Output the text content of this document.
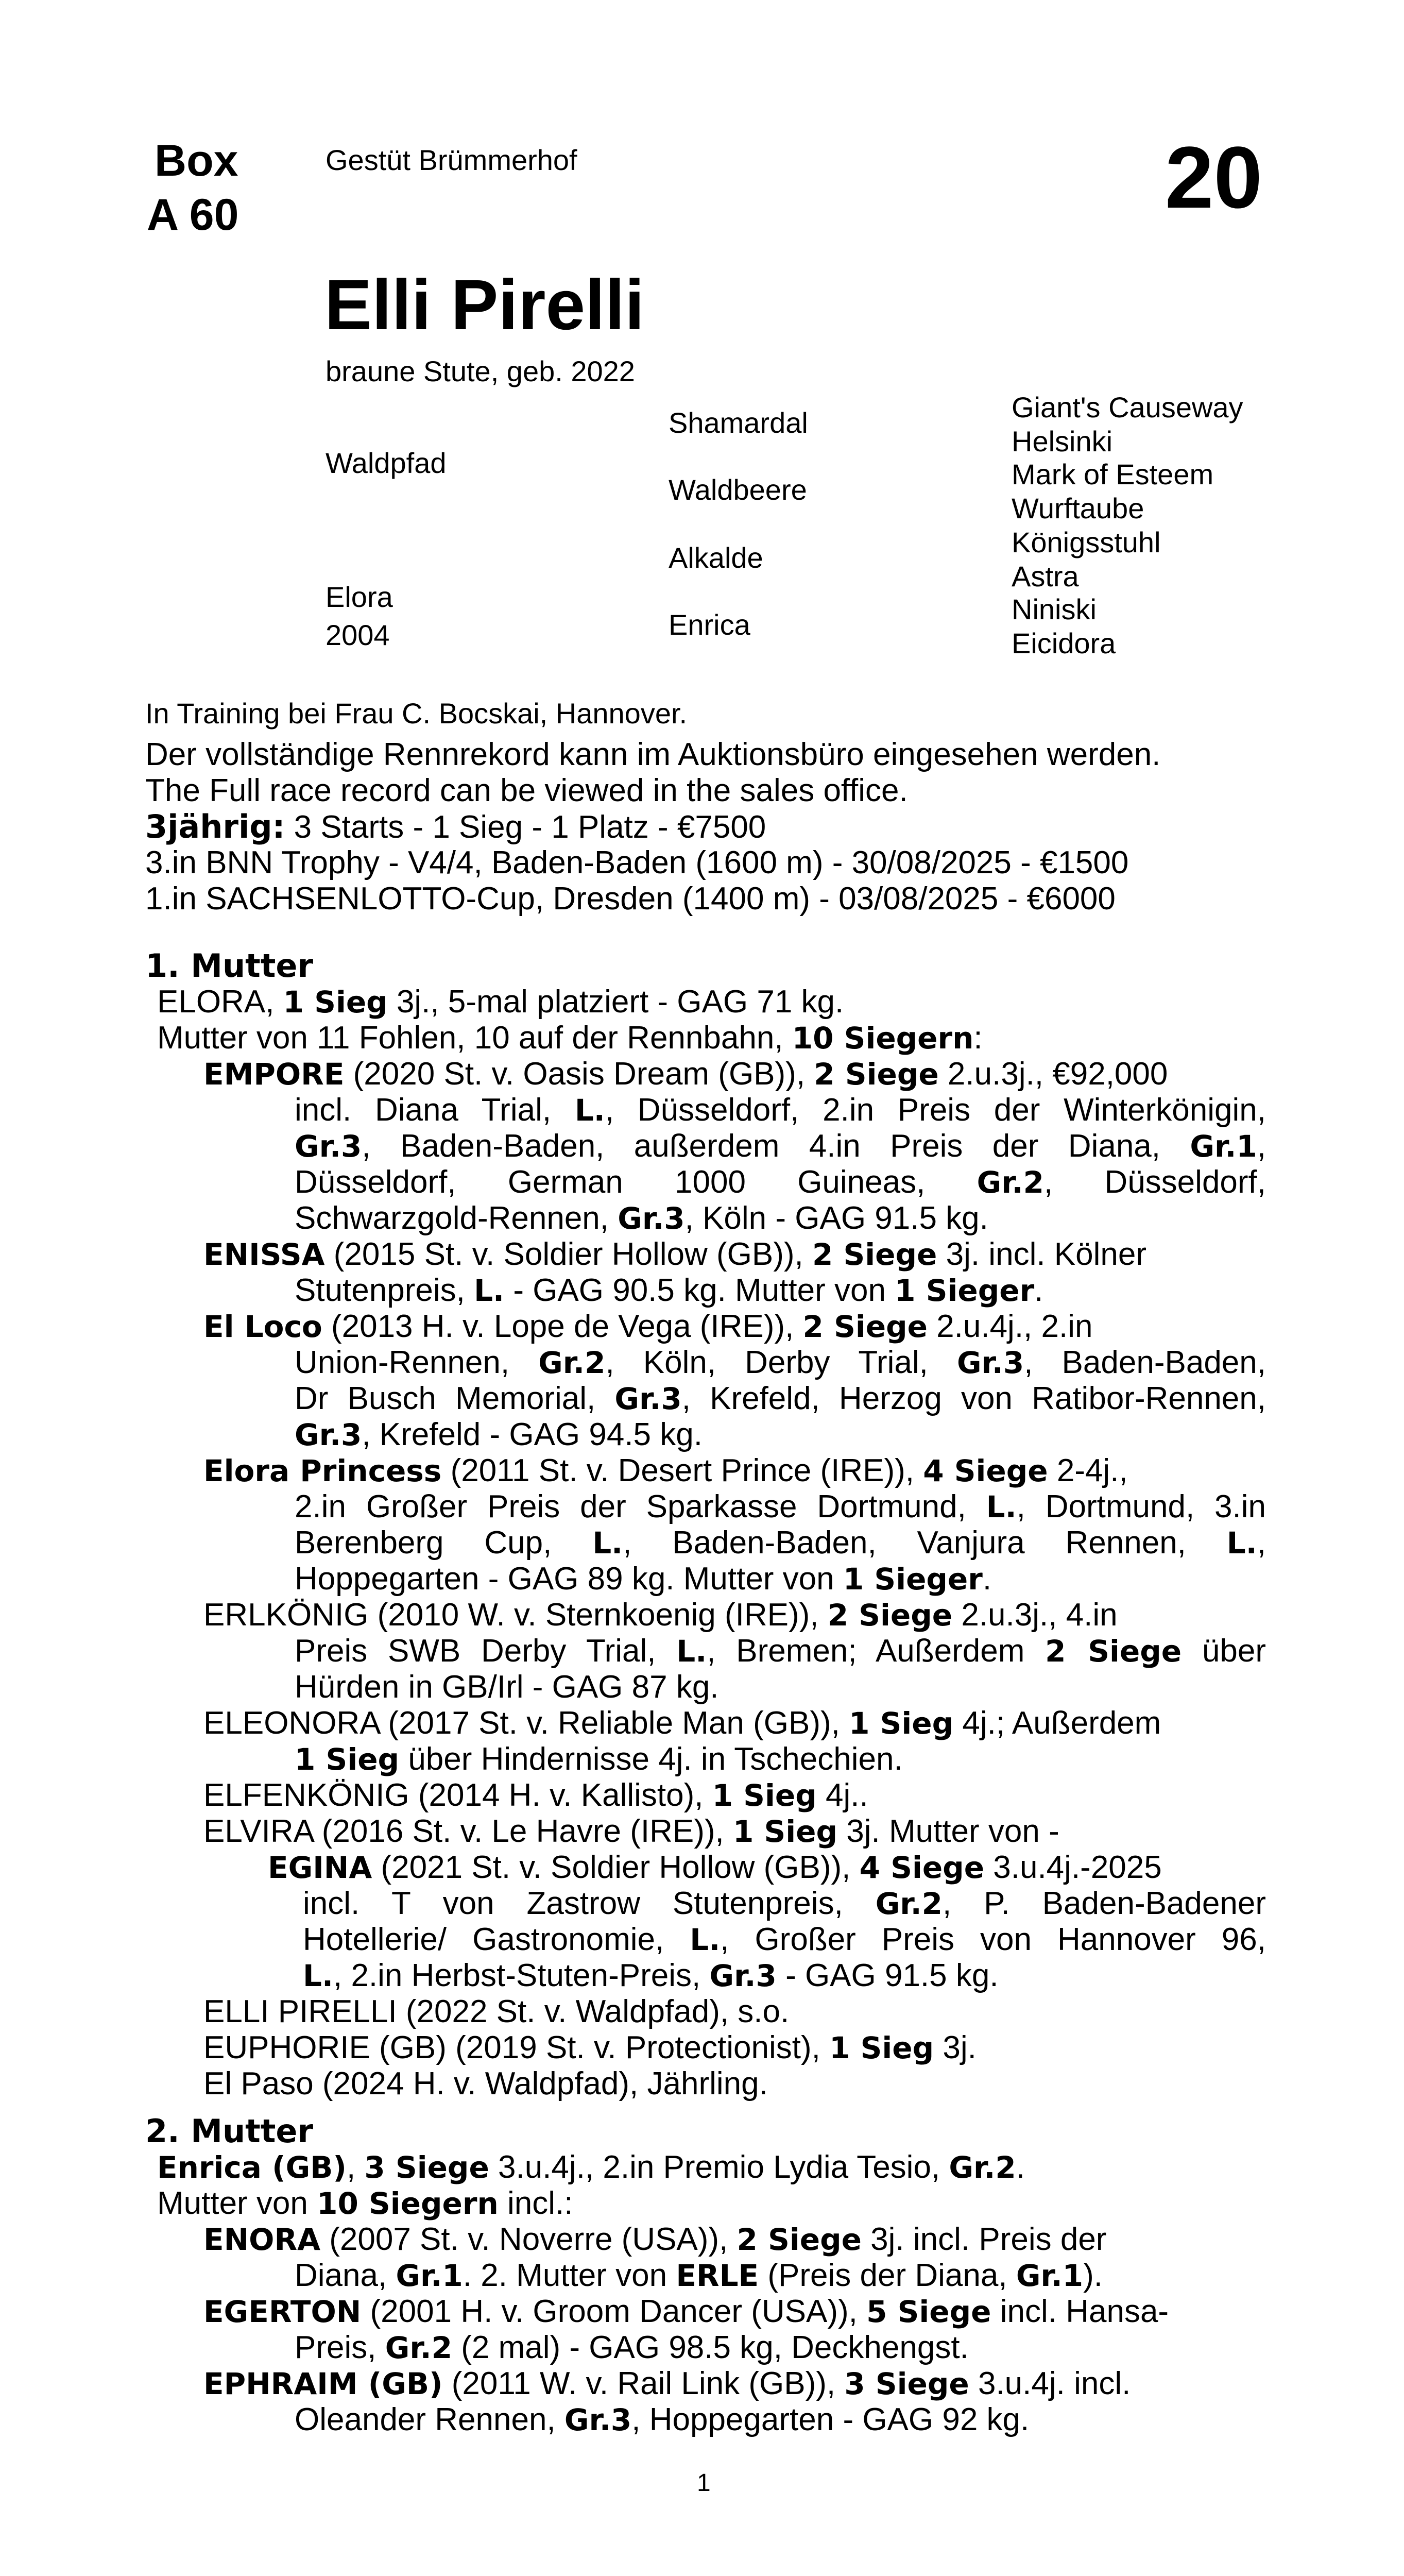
Box
A 60
Gestüt Brümmerhof	20
Elli Pirelli
braune Stute, geb. 2022
Waldpfad
Shamardal
Waldbeere
Elora
2004
Alkalde
Enrica
Giant's Causeway
Helsinki
Mark of Esteem
Wurftaube
Königsstuhl
Astra
Niniski
Eicidora
In Training bei Frau C. Bocskai, Hannover.
Der vollständige Rennrekord kann im Auktionsbüro eingesehen werden.
The Full race record can be viewed in the sales office.
3jährig: 3 Starts - 1 Sieg - 1 Platz - €7500
3.in BNN Trophy - V4/4, Baden-Baden (1600 m) - 30/08/2025 - €1500
1.in SACHSENLOTTO-Cup, Dresden (1400 m) - 03/08/2025 - €6000
1. Mutter
ELORA, 1 Sieg 3j., 5-mal platziert - GAG 71 kg.
Mutter von 11 Fohlen, 10 auf der Rennbahn, 10 Siegern:
EMPORE (2020 St. v. Oasis Dream (GB)), 2 Siege 2.u.3j., €92,000
incl. Diana Trial, L., Düsseldorf, 2.in Preis der Winterkönigin,
Gr.3, Baden-Baden, außerdem 4.in Preis der Diana, Gr.1,
Düsseldorf, German 1000 Guineas, Gr.2, Düsseldorf,
Schwarzgold-Rennen, Gr.3, Köln - GAG 91.5 kg.
ENISSA (2015 St. v. Soldier Hollow (GB)), 2 Siege 3j. incl. Kölner
Stutenpreis, L. - GAG 90.5 kg. Mutter von 1 Sieger.
El Loco (2013 H. v. Lope de Vega (IRE)), 2 Siege 2.u.4j., 2.in
Union-Rennen, Gr.2, Köln, Derby Trial, Gr.3, Baden-Baden,
Dr Busch Memorial, Gr.3, Krefeld, Herzog von Ratibor-Rennen,
Gr.3, Krefeld - GAG 94.5 kg.
Elora Princess (2011 St. v. Desert Prince (IRE)), 4 Siege 2-4j.,
2.in Großer Preis der Sparkasse Dortmund, L., Dortmund, 3.in
Berenberg Cup, L., Baden-Baden, Vanjura Rennen, L.,
Hoppegarten - GAG 89 kg. Mutter von 1 Sieger.
ERLKÖNIG (2010 W. v. Sternkoenig (IRE)), 2 Siege 2.u.3j., 4.in
Preis SWB Derby Trial, L., Bremen; Außerdem 2 Siege über
Hürden in GB/Irl - GAG 87 kg.
ELEONORA (2017 St. v. Reliable Man (GB)), 1 Sieg 4j.; Außerdem
1 Sieg über Hindernisse 4j. in Tschechien.
ELFENKÖNIG (2014 H. v. Kallisto), 1 Sieg 4j..
ELVIRA (2016 St. v. Le Havre (IRE)), 1 Sieg 3j. Mutter von -
EGINA (2021 St. v. Soldier Hollow (GB)), 4 Siege 3.u.4j.-2025
incl. T von Zastrow Stutenpreis, Gr.2, P. Baden-Badener
Hotellerie/ Gastronomie, L., Großer Preis von Hannover 96,
L., 2.in Herbst-Stuten-Preis, Gr.3 - GAG 91.5 kg.
ELLI PIRELLI (2022 St. v. Waldpfad), s.o.
EUPHORIE (GB) (2019 St. v. Protectionist), 1 Sieg 3j.
El Paso (2024 H. v. Waldpfad), Jährling.
2. Mutter
Enrica (GB), 3 Siege 3.u.4j., 2.in Premio Lydia Tesio, Gr.2.
Mutter von 10 Siegern incl.:
ENORA (2007 St. v. Noverre (USA)), 2 Siege 3j. incl. Preis der
Diana, Gr.1. 2. Mutter von ERLE (Preis der Diana, Gr.1).
EGERTON (2001 H. v. Groom Dancer (USA)), 5 Siege incl. Hansa-
Preis, Gr.2 (2 mal) - GAG 98.5 kg, Deckhengst.
EPHRAIM (GB) (2011 W. v. Rail Link (GB)), 3 Siege 3.u.4j. incl.
Oleander Rennen, Gr.3, Hoppegarten - GAG 92 kg.
1
